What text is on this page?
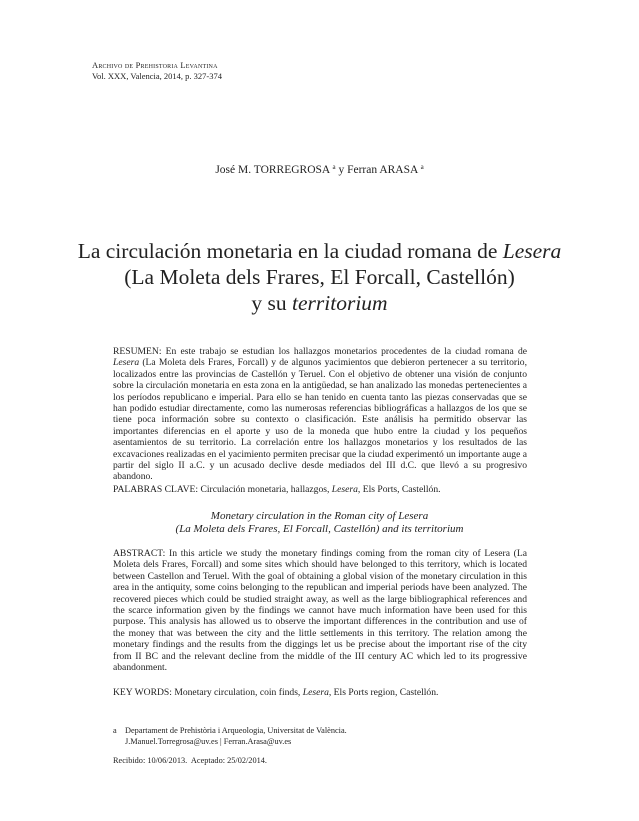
Archivo de Prehistoria Levantina
Vol. XXX, Valencia, 2014, p. 327-374
José M. TORREGROSA $^a$ y Ferran ARASA $^a$
La circulación monetaria en la ciudad romana de Lesera
(La Moleta dels Frares, El Forcall, Castellón)
y su territorium

RESUMEN: En este trabajo se estudian los hallazgos monetarios procedentes de la ciudad romana de Lesera (La Moleta dels Frares, Forcall) y de algunos yacimientos que debieron pertenecer a su territorio, localizados entre las provincias de Castellón y Teruel. Con el objetivo de obtener una visión de conjunto sobre la circulación monetaria en esta zona en la antigüedad, se han analizado las monedas pertenecientes a los períodos republicano e imperial. Para ello se han tenido en cuenta tanto las piezas conservadas que se han podido estudiar directamente, como las numerosas referencias bibliográficas a hallazgos de los que se tiene poca información sobre su contexto o clasificación. Este análisis ha permitido observar las importantes diferencias en el aporte y uso de la moneda que hubo entre la ciudad y los pequeños asentamientos de su territorio. La correlación entre los hallazgos monetarios y los resultados de las excavaciones realizadas en el yacimiento permiten precisar que la ciudad experimentó un importante auge a partir del siglo II a.C. y un acusado declive desde mediados del III d.C. que llevó a su progresivo abandono.

PALABRAS CLAVE: Circulación monetaria, hallazgos, Lesera, Els Ports, Castellón.

Monetary circulation in the Roman city of Lesera
(La Moleta dels Frares, El Forcall, Castellón) and its territorium

ABSTRACT: In this article we study the monetary findings coming from the roman city of Lesera (La Moleta dels Frares, Forcall) and some sites which should have belonged to this territory, which is located between Castellon and Teruel. With the goal of obtaining a global vision of the monetary circulation in this area in the antiquity, some coins belonging to the republican and imperial periods have been analyzed. The recovered pieces which could be studied straight away, as well as the large bibliographical references and the scarce information given by the findings we cannot have much information have been used for this purpose. This analysis has allowed us to observe the important differences in the contribution and use of the money that was between the city and the little settlements in this territory. The relation among the monetary findings and the results from the diggings let us be precise about the important rise of the city from II BC and the relevant decline from the middle of the III century AC which led to its progressive abandonment.

KEY WORDS: Monetary circulation, coin finds, Lesera, Els Ports region, Castellón.

a Departament de Prehistòria i Arqueologia, Universitat de València.
J.Manuel.Torregrosa@uv.es | Ferran.Arasa@uv.es
Recibido: 10/06/2013. Aceptado: 25/02/2014.
